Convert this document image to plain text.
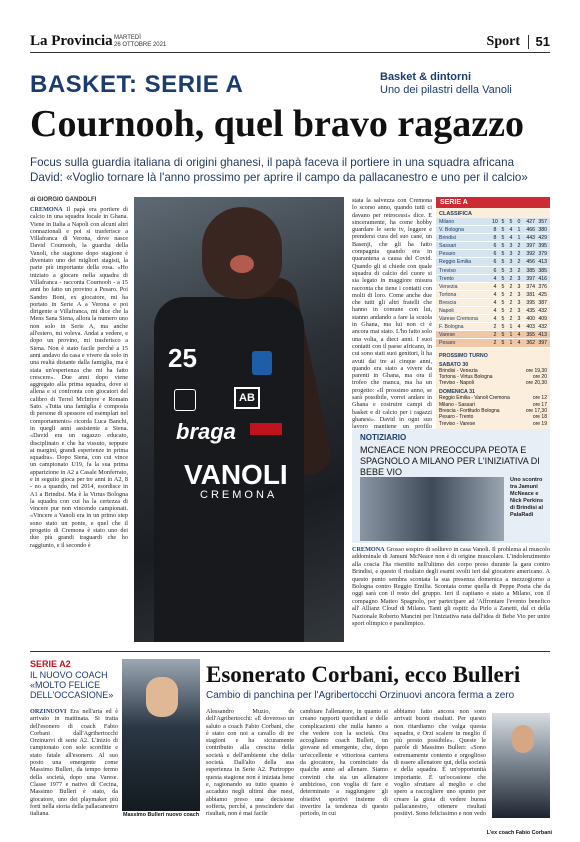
La Provincia MARTEDÌ
26 OTTOBRE 2021	Sport 51
BASKET: SERIE A	Basket & dintorni
Uno dei pilastri della Vanoli
Cournooh, quel bravo ragazzo
Focus sulla guardia italiana di origini ghanesi, il papà faceva il portiere in una squadra africana
David: «Voglio tornare là l'anno prossimo per aprire il campo da pallacanestro e uno per il calcio»
di GIORGIO GANDOLFI
CREMONA Il papà era portiere di calcio in una squadra locale in Ghana. Viene in Italia a Napoli con alcuni altri connazionali e poi si trasferisce a Villafranca di Verona, dove nasce David Cournooh, la guardia della Vanoli, che stagione dopo stagione è diventato uno dei migliori stagisti, la parte più importante della rosa. «Ho iniziato a giocare nella squadra di Villafranca - racconta Cournooh - a 15 anni ho fatto un provino a Pesaro. Poi Sandro Boni, ex giocatore, mi ha portato in Serie A a Verona e poi dirigente a Villafranca, mi dice che la Mens Sana Siena, allora la numero uno non solo in Serie A, ma anche all'estero, mi voleva. Andai a vedere, e dopo un provino, mi trasferisco a Siena. Non è stato facile perché a 15 anni andavo da casa e vivere da solo in una realtà distante dalla famiglia, ma è stata un'esperienza che mi ha fatto crescere». Due anni dopo viene aggregato alla prima squadra, dove si allena e si confronta con giocatori del calibro di Terrel McIntyre e Romain Sato. «Tutta una famiglia è composta di persone di spessore ed esemplari nel comportamento» ricorda Luca Banchi, in quegli anni assistente a Siena. «David era un ragazzo educato, disciplinato e che ha vissuto, seppure ai margini, grandi esperienze in prima squadra». Dopo Siena, con cui vince un campionato U19, fa la sua prima apparizione in A2 a Casale Monferrato, e in seguito gioca per tre anni in A2, 8 - no a quando, nel 2014, esordisce in A1 a Brindisi. Ma è la Virtus Bologna la squadra con cui ha la certezza di vincere pur non vincendo campionati. «Vincere a Vanoli era in un primo step sono stato un ponte, e quel che il progetto di Cremona è stato uno dei due più grandi traguardi che ho raggiunto, e il secondo è
25
AB
braga
VANOLI
CREMONA
stata la salvezza con Cremona lo scorso anno, quando tutti ci davano per retrocessi» dice. E sinceramente, ha come hobby guardare le serie tv, leggere e prendersi cura del suo cane, un Basenji, che gli ha fatto compagnia quando era in quarantena a causa del Covid. Quando gli si chiede con quale squadra di calcio del cuore si sia legato in maggiore misura racconta che tiene i contatti con molti di loro. Come anche due che tutti gli altri fratelli che hanno in comune con lui, stanno andando a fare la scuola in Ghana, ma lui non ci è ancora mai stato. L'ho fatto solo una volta, a dieci anni. I suoi contatti con il paese africano, in cui sono stati suoi genitori, li ha avuti dai tre ai cinque anni, quando era stato a vivere da parenti in Ghana, ma ora il trofeo che manca, ma ha un progetto: «Il prossimo anno, se sarà possibile, vorrei andare in Ghana e costruire campi di basket e di calcio per i ragazzi ghanesi». David in ogni suo lavoro mantiene un profilo
SERIE A
CLASSIFICA
Milano	10 5 5 0	427 357
V. Bologna	8 5 4 1	466 380
Brindisi	8 5 4 1	443 429
Sassari	6 5 3 2	397 395
Pesaro	6 5 3 2	392 379
Reggio Emilia	6 5 3 2	456 413
Treviso	6 5 3 2	385 385
Trento	4 5 2 3	397 416
Venezia	4 5 2 3	374 376
Tortona	4 5 2 3	381 425
Brescia	4 5 2 3	395 387
Napoli	4 5 2 3	435 432
Varese Cremona	4 5 2 3	400 409
F. Bologna	2 5 1 4	403 432
Varese	2 5 1 4	355 413
Pesaro	2 5 1 4	362 397
PROSSIMO TURNO
SABATO 30
Brindisi - Venezia	ore 19,30
Tortona - Virtus Bologna	ore 20
Treviso - Napoli	ore 20,30
DOMENICA 31
Reggio Emilia - Vanoli Cremona	ore 12
Milano - Sassari	ore 17
Brescia - Fortitudo Bologna	ore 17,30
Pesaro - Trento	ore 18
Treviso - Varese	ore 19
NOTIZIARIO
MCNEACE NON PREOCCUPA PEOTA E SPAGNOLO A MILANO PER L'INIZIATIVA DI BEBE VIO
Uno scontro tra Jamuni McNeace e Nick Perkins di Brindisi al PalaRadi
CREMONA Grosso sospiro di sollievo in casa Vanoli. Il problema al muscolo addominale di Jamuni McNeace non è di origine muscolare. L'indolenzimento alla coscia l'ha risentito nell'ultimo dei corpo preso durante la gara contro Brindisi, e questo il risultato degli esami svolti ieri dal giocatore americano. A questo punto sembra scontata la sua presenza domenica a mezzogiorno a Bologna contro Reggio Emilia. Scontata come quella di Peppe Poeta che da oggi sarà con il resto del gruppo. Ieri il capitano e stato a Milano, con il compagno Matteo Spagnolo, per partecipare ad 'Affrontare l'evento benefico all' Allianz Cloud di Milano. Tanti gli ospiti: da Pirlo a Zanetti, dal ct della Nazionale Roberto Mancini per l'iniziativa nata dall'idea di Bebe Vio per unire sport olimpico e paralimpico.
SERIE A2
IL NUOVO COACH «MOLTO FELICE DELL'OCCASIONE»
ORZINUOVI Era nell'aria ed è arrivato in mattinata. Si tratta dell'esonero di coach Fabio Corbani dall'Agribertocchi Orzinuovi di serie A2. L'inizio di campionato con sole sconfitte e stato fatale all'esonero. Al suo posto una emergente come Massimo Bulleri, da tempo fermo della società, dopo una Varese. Classe 1977 e nativo di Cecina, Massimo Bulleri è stato, da giocatore, uno dei playmaker più forti nella storia della pallacanestro italiana.	Massimo Bulleri nuovo coach
Esonerato Corbani, ecco Bulleri
Cambio di panchina per l'Agribertocchi Orzinuovi ancora ferma a zero
Alessandro Muzio, ds dell'Agribertocchi: «È doveroso un saluto a coach Fabio Corbani, che è stato con noi a cavallo di tre stagioni e ha sicuramente contribuito alla crescita della società e dell'ambiente che della società. Dall'alto della sua esperienza in Serie A2. Purtroppo questa stagione non è iniziata bene e, ragionando su tutto quanto è accaduto negli ultimi due mesi, abbiamo preso una decisione sofferta, perché, a prescindere dai risultati, non è mai facile
cambiare l'allenatore, in quanto si creano rapporti quotidiani e delle complicazioni che nulla hanno a che vedere con la società. Ora accogliamo coach Bulleri, un giovane ed emergente, che, dopo un'eccellente e vittoriosa carriera da giocatore, ha cominciato da qualche anno ad allenare. Siamo convinti che sia un allenatore ambizioso, con voglia di fare e determinato a raggiungere gli obiettivi sportivi insieme di invertire la tendenza di questo periodo, in cui
abbiamo fatto ancora non sono arrivati buoni risultati. Per questo non ritardiamo che valga questa squadra, e Orzi scalere in meglio il più presto possibile». Queste le parole di Massimo Bulleri: «Sono estremamente contento e orgoglioso di essere allenatore qui, della società e della squadra. È un'opportunità importante. È un'occasione che voglio sfruttare al meglio e che spero a raccogliere uno spunto per creare la gioia di vedere buona pallacanestro, ottenere risultati positivi. Sono felicissimo e non vedo
L'ex coach Fabio Corbani
